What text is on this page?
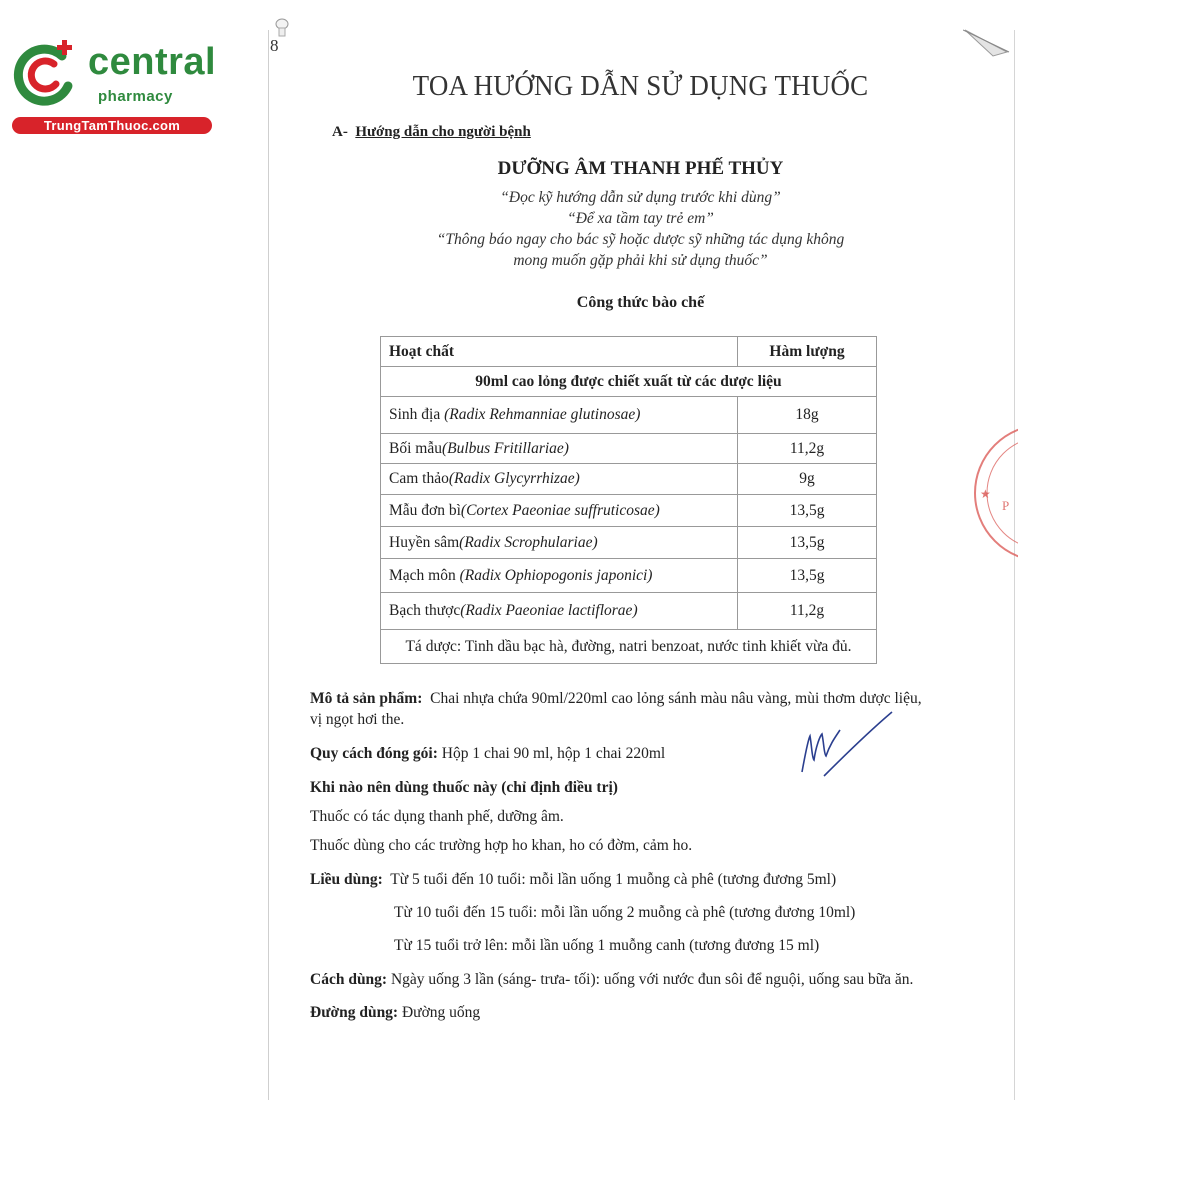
central
pharmacy
TrungTamThuoc.com
8
TOA HƯỚNG DẪN SỬ DỤNG THUỐC
A- Hướng dẫn cho người bệnh
DƯỠNG ÂM THANH PHẾ THỦY
“Đọc kỹ hướng dẫn sử dụng trước khi dùng”
“Để xa tầm tay trẻ em”
“Thông báo ngay cho bác sỹ hoặc dược sỹ những tác dụng không
mong muốn gặp phải khi sử dụng thuốc”
Công thức bào chế
Hoạt chất	Hàm lượng
90ml cao lỏng được chiết xuất từ các dược liệu	
Sinh địa (Radix Rehmanniae glutinosae)	18g
Bối mẫu(Bulbus Fritillariae)	11,2g
Cam thảo(Radix Glycyrrhizae)	9g
Mẫu đơn bì(Cortex Paeoniae suffruticosae)	13,5g
Huyền sâm(Radix Scrophulariae)	13,5g
Mạch môn (Radix Ophiopogonis japonici)	13,5g
Bạch thược(Radix Paeoniae lactiflorae)	11,2g
Tá dược: Tinh dầu bạc hà, đường, natri benzoat, nước tinh khiết vừa đủ.	
Mô tả sản phẩm: Chai nhựa chứa 90ml/220ml cao lỏng sánh màu nâu vàng, mùi thơm dược liệu,
vị ngọt hơi the.
Quy cách đóng gói: Hộp 1 chai 90 ml, hộp 1 chai 220ml
Khi nào nên dùng thuốc này (chỉ định điều trị)
Thuốc có tác dụng thanh phế, dưỡng âm.
Thuốc dùng cho các trường hợp ho khan, ho có đờm, cảm ho.
Liều dùng: Từ 5 tuổi đến 10 tuổi: mỗi lần uống 1 muỗng cà phê (tương đương 5ml)
Từ 10 tuổi đến 15 tuổi: mỗi lần uống 2 muỗng cà phê (tương đương 10ml)
Từ 15 tuổi trở lên: mỗi lần uống 1 muỗng canh (tương đương 15 ml)
Cách dùng: Ngày uống 3 lần (sáng- trưa- tối): uống với nước đun sôi để nguội, uống sau bữa ăn.
Đường dùng: Đường uống
★
P
